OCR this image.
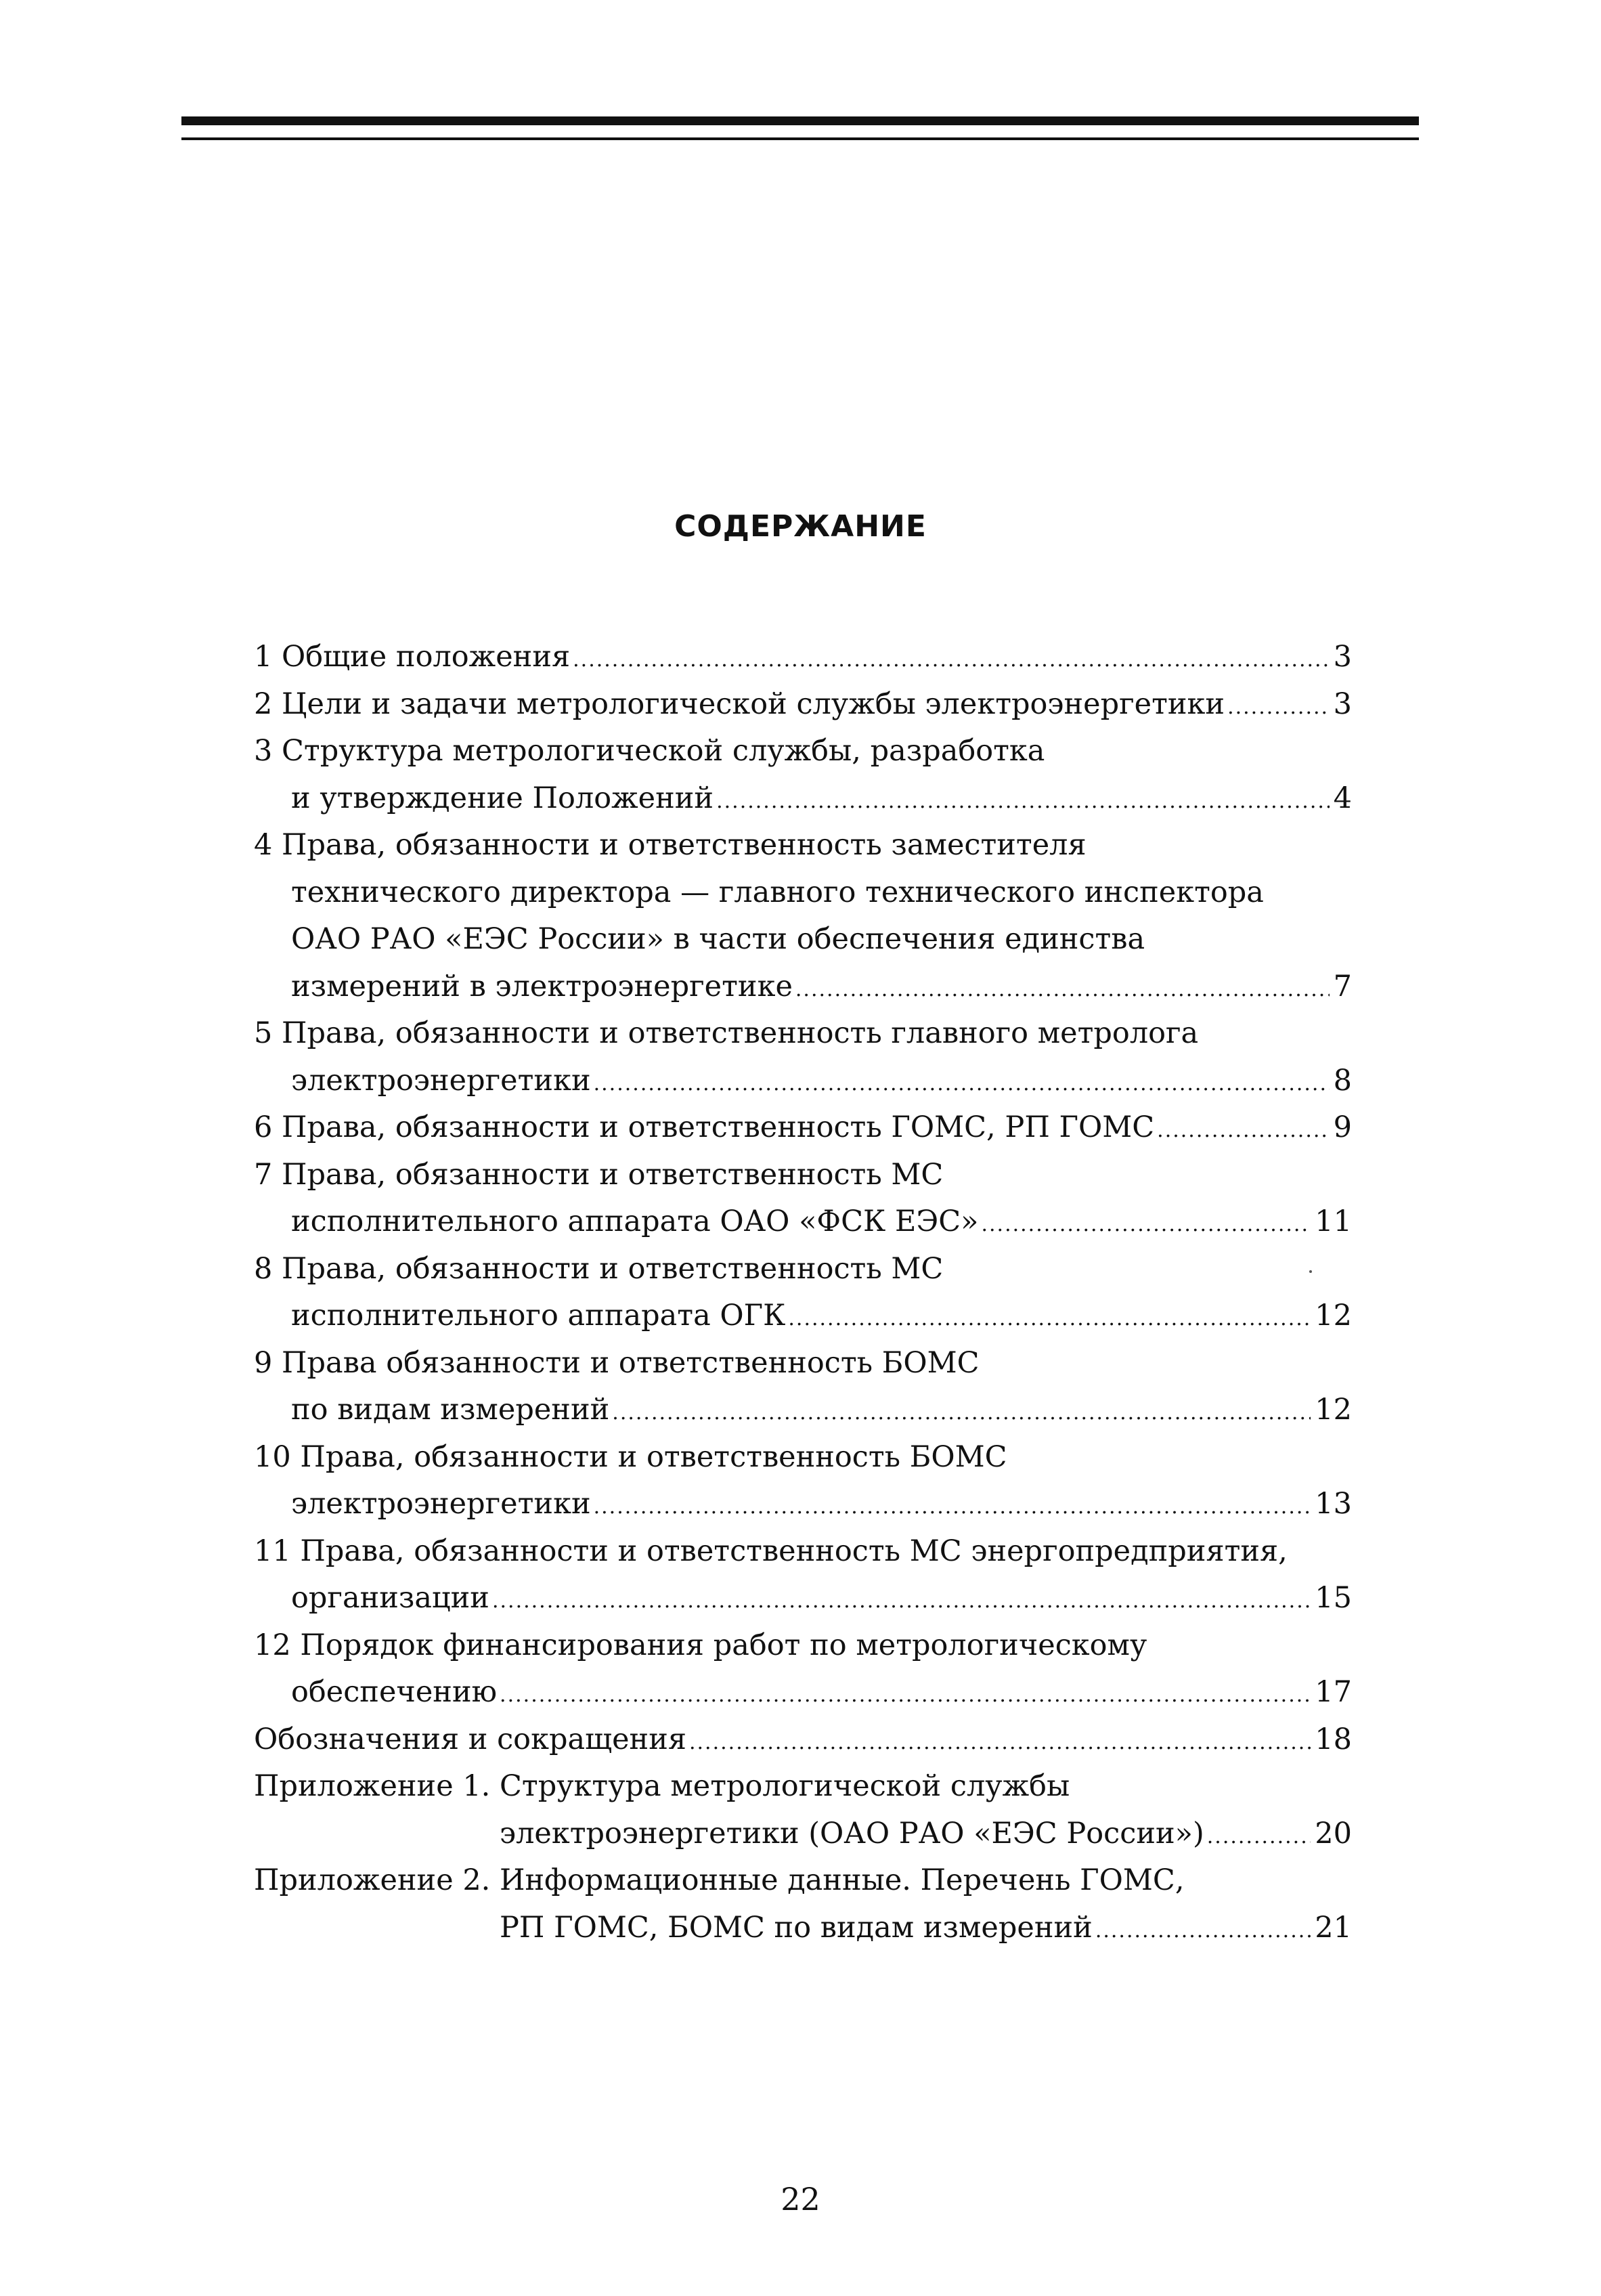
СОДЕРЖАНИЕ
1 Общие положения .....	3
2 Цели и задачи метрологической службы электроэнергетики .....	3
3 Структура метрологической службы, разработка
и утверждение Положений .....	4
4 Права, обязанности и ответственность заместителя
технического директора — главного технического инспектора
ОАО РАО «ЕЭС России» в части обеспечения единства
измерений в электроэнергетике .....	7
5 Права, обязанности и ответственность главного метролога
электроэнергетики .....	8
6 Права, обязанности и ответственность ГОМС, РП ГОМС .....	9
7 Права, обязанности и ответственность МС
исполнительного аппарата ОАО «ФСК ЕЭС» .....	11
8 Права, обязанности и ответственность МС
исполнительного аппарата ОГК .....	12
9 Права обязанности и ответственность БОМС
по видам измерений .....	12
10 Права, обязанности и ответственность БОМС
электроэнергетики .....	13
11 Права, обязанности и ответственность МС энергопредприятия,
организации .....	15
12 Порядок финансирования работ по метрологическому
обеспечению .....	17
Обозначения и сокращения .....	18
Приложение 1. Структура метрологической службы
электроэнергетики (ОАО РАО «ЕЭС России») .....	20
Приложение 2. Информационные данные. Перечень ГОМС,
РП ГОМС, БОМС по видам измерений .....	21
22
